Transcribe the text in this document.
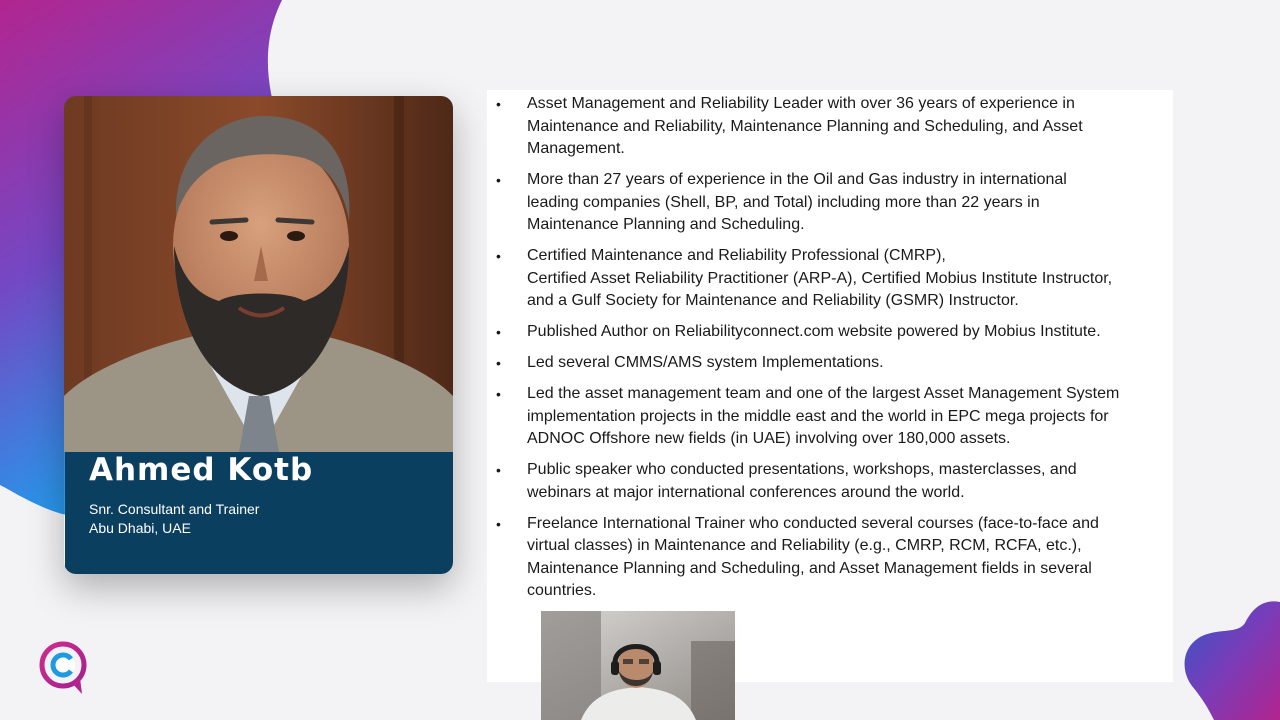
Ahmed Kotb
Snr. Consultant and Trainer
Abu Dhabi, UAE
• Asset Management and Reliability Leader with over 36 years of experience in
Maintenance and Reliability, Maintenance Planning and Scheduling, and Asset
Management.
• More than 27 years of experience in the Oil and Gas industry in international
leading companies (Shell, BP, and Total) including more than 22 years in
Maintenance Planning and Scheduling.
• Certified Maintenance and Reliability Professional (CMRP),
Certified Asset Reliability Practitioner (ARP-A), Certified Mobius Institute Instructor,
and a Gulf Society for Maintenance and Reliability (GSMR) Instructor.
• Published Author on Reliabilityconnect.com website powered by Mobius Institute.
• Led several CMMS/AMS system Implementations.
• Led the asset management team and one of the largest Asset Management System
implementation projects in the middle east and the world in EPC mega projects for
ADNOC Offshore new fields (in UAE) involving over 180,000 assets.
• Public speaker who conducted presentations, workshops, masterclasses, and
webinars at major international conferences around the world.
• Freelance International Trainer who conducted several courses (face-to-face and
virtual classes) in Maintenance and Reliability (e.g., CMRP, RCM, RCFA, etc.),
Maintenance Planning and Scheduling, and Asset Management fields in several
countries.
